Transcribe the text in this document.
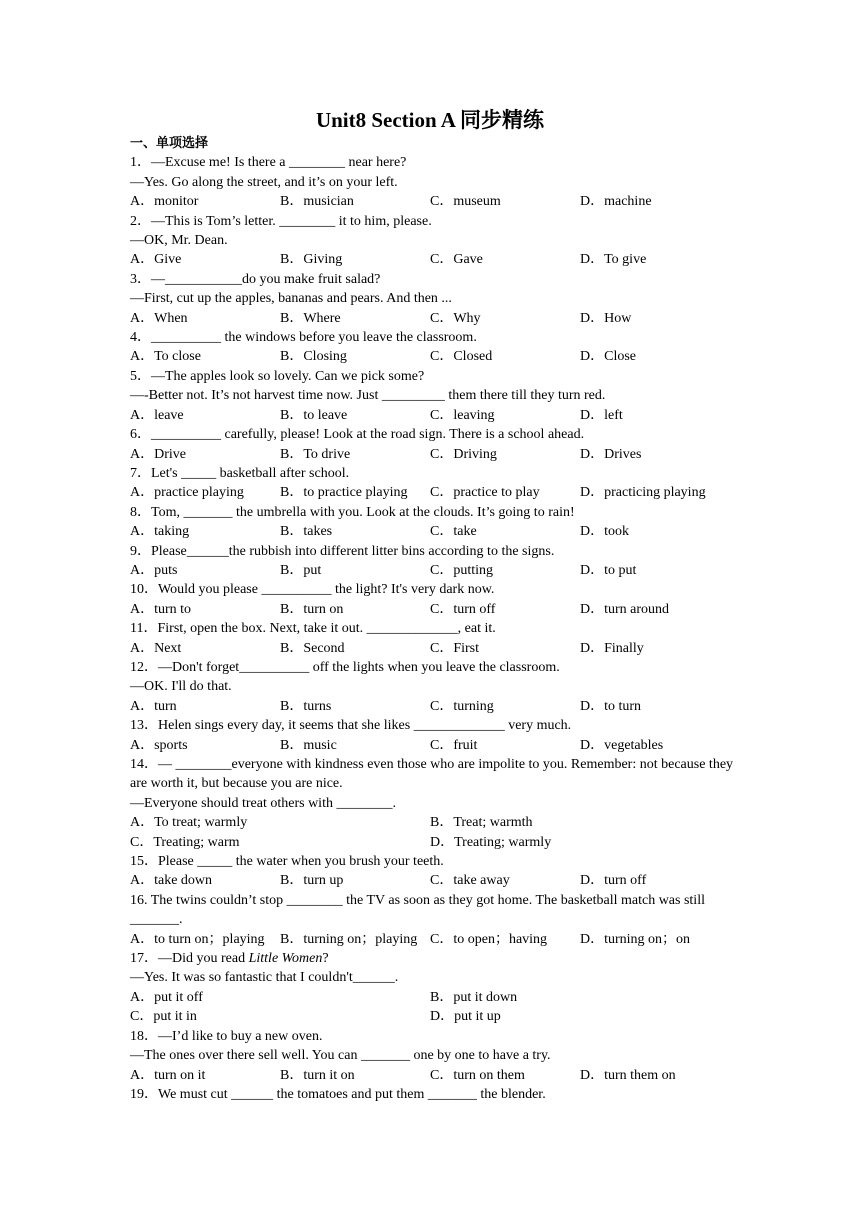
Unit8 Section A 同步精练
一、单项选择
1．—Excuse me! Is there a ________ near here?
—Yes. Go along the street, and it’s on your left.
A．monitor	B．musician	C．museum	D．machine
2．—This is Tom’s letter. ________ it to him, please.
—OK, Mr. Dean.
A．Give	B．Giving	C．Gave	D．To give
3．—___________do you make fruit salad?
—First, cut up the apples, bananas and pears. And then ...
A．When	B．Where	C．Why	D．How
4．__________ the windows before you leave the classroom.
A．To close	B．Closing	C．Closed	D．Close
5．—The apples look so lovely. Can we pick some?
—-Better not. It’s not harvest time now. Just _________ them there till they turn red.
A．leave	B．to leave	C．leaving	D．left
6．__________ carefully, please! Look at the road sign. There is a school ahead.
A．Drive	B．To drive	C．Driving	D．Drives
7．Let's _____ basketball after school.
A．practice playing	B．to practice playing	C．practice to play	D．practicing playing
8．Tom, _______ the umbrella with you. Look at the clouds. It’s going to rain!
A．taking	B．takes	C．take	D．took
9．Please______the rubbish into different litter bins according to the signs.
A．puts	B．put	C．putting	D．to put
10．Would you please __________ the light? It's very dark now.
A．turn to	B．turn on	C．turn off	D．turn around
11．First, open the box. Next, take it out. _____________, eat it.
A．Next	B．Second	C．First	D．Finally
12．—Don't forget__________ off the lights when you leave the classroom.
—OK. I'll do that.
A．turn	B．turns	C．turning	D．to turn
13．Helen sings every day, it seems that she likes _____________ very much.
A．sports	B．music	C．fruit	D．vegetables
14．— ________everyone with kindness even those who are impolite to you. Remember: not because they are worth it, but because you are nice.
—Everyone should treat others with ________.
A．To treat; warmly	B．Treat; warmth
C．Treating; warm	D．Treating; warmly
15．Please _____ the water when you brush your teeth.
A．take down	B．turn up	C．take away	D．turn off
16. The twins couldn’t stop ________ the TV as soon as they got home. The basketball match was still _______.
A．to turn on；playing	B．turning on；playing C．to open；having	D．turning on；on
17．—Did you read Little Women?
—Yes. It was so fantastic that I couldn't______.
A．put it off	B．put it down
C．put it in	D．put it up
18．—I’d like to buy a new oven.
—The ones over there sell well. You can _______ one by one to have a try.
A．turn on it	B．turn it on	C．turn on them	D．turn them on
19．We must cut ______ the tomatoes and put them _______ the blender.
